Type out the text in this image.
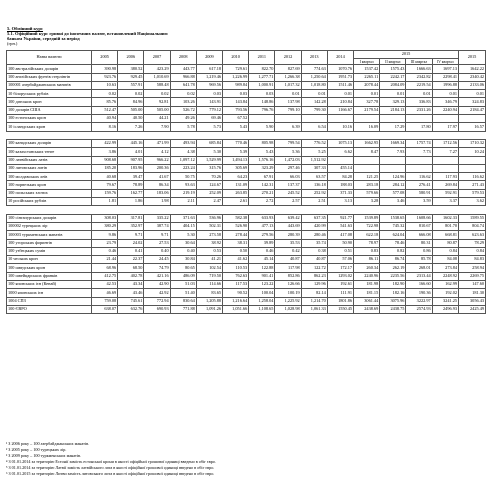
5. Обмінний курс
5.1. Офіційний курс гривні до іноземних валют, встановлений Національним
банком України, середній за період
(грн.)
Назва валюти	2005	2006	2007	2008	2009	2010	2011	2012	2013	2014	2015				2015
											I квартал	II квартал	III квартал	IV квартал	
100 австралійських доларів	390.98	380.52	423.29	443.77	617.18	729.61	822.70	827.69	774.63	1070.76	1537.42	1575.43	1666.63	1697.13	1642.22
100 англійських фунтів стерлінгів	923.76	929.45	1,010.69	966.88	1,219.46	1,226.99	1,277.71	1,266.38	1,250.64	1951.73	2265.11	2242.17	2342.82	2298.41	2340.42
100001 азербайджанських манатів	10.63	557.91	588.48	641.78	969.56	989.84	1,000.91	1,017.32	1,018.80	1511.46	2078.44	2084.09	2219.54	1996.88	2133.06
10 білоруських рублів	0.02	0.02	0.02	0.02	0.03	0.03	0.03	0.01	0.01	0.01	0.01	0.01	0.01	0.01	0.01
100 датських крон	85.76	84.96	92.81	103.26	143.91	143.84	148.86	137.98	142.28	210.84	327.78	329.13	336.83	346.79	324.83
100 доларів США	512.47	505.00	505.00	526.72	779.12	793.56	796.76	799.10	799.30	1166.67	2179.54	2184.13	2331.26	2240.94	2184.47
100 естонських крон	40.94	40.50	44.21	49.26	69.46	67.52									
10 ісландських крон	8.16	7.26	7.90	5.78	5.73	5.43	5.90	6.39	6.54	10.16	16.09	17.29	17.80	17.97	16.57

100 канадських доларів	422.99	445.16	471.99	493.94	685.84	770.46	805.98	799.54	776.52	1075.13	1662.95	1669.34	1757.74	1712.56	1710.32
100 казахстанських тенге	3.86	4.01	4.12	4.38	5.30	5.39	5.43	5.36	5.25	6.62	8.47	7.93	7.73	7.27	10.24
100 латвійських латів	908.68	907.95	966.22	1,097.12	1,529.99	1,494.13	1,576.16	1,472.03	1,512.92						
100 литовських литів	185.20	183.96	200.36	223.24	315.76	305.69	323.29	297.46	307.33	455.14					
100 молдавських леїв	40.68	39.47	41.67	50.75	70.26	64.23	67.91	66.03	63.57	84.28	121.25	124.96	116.62	117.93	116.62
100 норвезьких крон	79.67	78.89	86.34	93.63	124.67	131.09	142.31	137.37	136.18	188.03	283.18	284.12	276.41	269.84	271.43
100 польських злотих	159.76	162.77	183.06	219.19	252.09	263.85	270.21	245.52	252.92	371.33	579.66	577.08	580.91	592.91	579.53
10 російських рублів	1.81	1.86	1.98	2.11	2.47	2.61	2.72	2.57	2.51	3.13	3.28	3.46	3.59	3.37	3.62

100 сінгапурських доларів	308.03	317.81	335.22	371.63	536.96	582.38	633.93	639.42	637.35	921.77	1539.89	1538.65	1608.66	1602.33	1589.55
100002 турецьких лір	380.29	352.97	387.74	404.15	502.31	526.90	477.13	443.69	420.99	541.63	722.98	745.32	810.67	801.70	804.74
100003 туркменських манатів	9.86	9.71	9.71	5.30	273.58	278.44	279.56	280.39	280.46	417.08	622.18	624.04	666.08	668.81	623.63
100 угорських форинтів	23.79	24.02	27.53	30.64	38.92	38.31	39.89	35.53	35.74	50.90	78.97	78.46	80.31	80.87	78.29
100 узбецьких сумів	0.46	0.41	0.40	0.40	0.53	0.50	0.46	0.42	0.38	0.51	0.83	0.82	0.86	0.84	0.84
10 чеських крон	21.44	22.37	24.45	30.84	41.21	41.62	45.14	40.87	40.87	57.06	86.11	86.74	85.78	84.08	84.83
100 шведських крон	68.96	68.50	74.79	80.65	102.54	110.53	122.88	117.98	122.72	172.17	260.34	262.19	268.01	273.84	258.94
100 швейцарських франків	412.75	402.78	421.16	486.09	719.50	762.63	901.41	852.86	862.23	1293.02	2240.96	2235.56	2313.44	2248.92	2269.75
100 японських ієн (Кенай)	42.53	43.34	42.90	51.03	114.66	117.53	123.22	126.66	129.96	192.61	181.98	182.90	166.60	162.99	147.60
1000 японських ієн	46.69	43.46	42.92	51.40	83.65	90.52	100.04	100.19	82.14	111.91	181.15	182.16	190.36	192.02	181.30
1004 СПЗ	759.08	745.61	772.94	830.64	1,205.88	1,216.64	1,258.04	1,225.92	1,214.70	1801.86	3061.44	3075.96	3222.97	3241.25	3056.43
100 ЄВРО	638.07	632.76	690.93	771.88	1,091.26	1,051.66	1,108.65	1,028.98	1,061.33	1550.45	2438.69	2438.75	2574.93	2496.93	2425.49
¹ З 2006 року – 100 азербайджанських манатів.
² З 2005 року – 100 турецьких лір.
³ З 2009 року – 100 туркменських манатів.
⁴ З 01.01.2014 за територію Естонії замість естонської крони в якості офіційної грошової одиниці введено в обіг євро.
⁵ З 01.01.2014 за територію Латвії замість латвійського лата в якості офіційної грошової одиниці введено в обіг євро.
⁶ З 01.01.2015 за територію Литви замість литовського лита в якості офіційної грошової одиниці введено в обіг євро.
